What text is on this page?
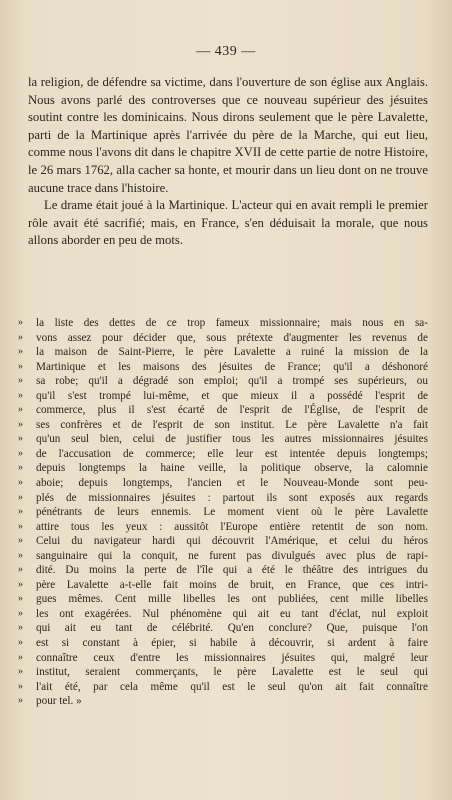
— 439 —

la religion, de défendre sa victime, dans l'ouverture de son église aux Anglais. Nous avons parlé des controverses que ce nouveau supérieur des jésuites soutint contre les dominicains. Nous dirons seulement que le père Lavalette, parti de la Martinique après l'arrivée du père de la Marche, qui eut lieu, comme nous l'avons dit dans le chapitre XVII de cette partie de notre Histoire, le 26 mars 1762, alla cacher sa honte, et mourir dans un lieu dont on ne trouve aucune trace dans l'histoire.

Le drame était joué à la Martinique. L'acteur qui en avait rempli le premier rôle avait été sacrifié; mais, en France, s'en déduisait la morale, que nous allons aborder en peu de mots.

»	la liste des dettes de ce trop fameux missionnaire; mais nous en sa-
»	vons assez pour décider que, sous prétexte d'augmenter les revenus de
»	la maison de Saint-Pierre, le père Lavalette a ruiné la mission de la
»	Martinique et les maisons des jésuites de France; qu'il a déshonoré
»	sa robe; qu'il a dégradé son emploi; qu'il a trompé ses supérieurs, ou
»	qu'il s'est trompé lui-même, et que mieux il a possédé l'esprit de
»	commerce, plus il s'est écarté de l'esprit de l'Église, de l'esprit de
»	ses confrères et de l'esprit de son institut. Le père Lavalette n'a fait
»	qu'un seul bien, celui de justifier tous les autres missionnaires jésuites
»	de l'accusation de commerce; elle leur est intentée depuis longtemps;
»	depuis longtemps la haine veille, la politique observe, la calomnie
»	aboie; depuis longtemps, l'ancien et le Nouveau-Monde sont peu-
»	plés de missionnaires jésuites : partout ils sont exposés aux regards
»	pénétrants de leurs ennemis. Le moment vient où le père Lavalette
»	attire tous les yeux : aussitôt l'Europe entière retentit de son nom.
»	Celui du navigateur hardi qui découvrit l'Amérique, et celui du héros
»	sanguinaire qui la conquit, ne furent pas divulgués avec plus de rapi-
»	dité. Du moins la perte de l'île qui a été le théâtre des intrigues du
»	père Lavalette a-t-elle fait moins de bruit, en France, que ces intri-
»	gues mêmes. Cent mille libelles les ont publiées, cent mille libelles
»	les ont exagérées. Nul phénomène qui ait eu tant d'éclat, nul exploit
»	qui ait eu tant de célébrité. Qu'en conclure? Que, puisque l'on
»	est si constant à épier, si habile à découvrir, si ardent à faire
»	connaître ceux d'entre les missionnaires jésuites qui, malgré leur
»	institut, seraient commerçants, le père Lavalette est le seul qui
»	l'ait été, par cela même qu'il est le seul qu'on ait fait connaître
»	pour tel. »
